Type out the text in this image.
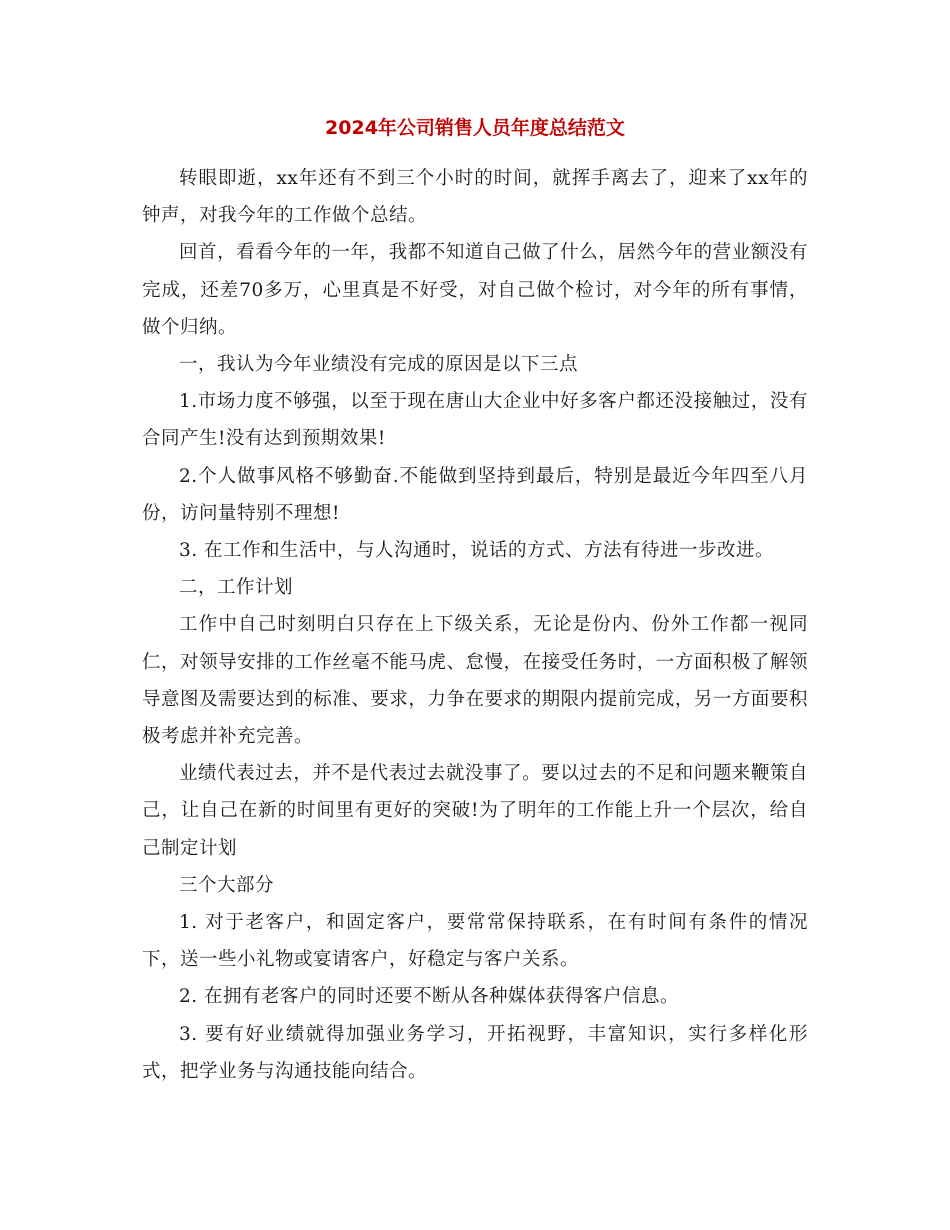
2024年公司销售人员年度总结范文

转眼即逝，xx年还有不到三个小时的时间，就挥手离去了，迎来了xx年的钟声，对我今年的工作做个总结。

回首，看看今年的一年，我都不知道自己做了什么，居然今年的营业额没有完成，还差70多万，心里真是不好受，对自己做个检讨，对今年的所有事情，做个归纳。

一，我认为今年业绩没有完成的原因是以下三点

1.市场力度不够强，以至于现在唐山大企业中好多客户都还没接触过，没有合同产生!没有达到预期效果!

2.个人做事风格不够勤奋.不能做到坚持到最后，特别是最近今年四至八月份，访问量特别不理想!

3. 在工作和生活中，与人沟通时，说话的方式、方法有待进一步改进。

二，工作计划

工作中自己时刻明白只存在上下级关系，无论是份内、份外工作都一视同仁，对领导安排的工作丝毫不能马虎、怠慢，在接受任务时，一方面积极了解领导意图及需要达到的标准、要求，力争在要求的期限内提前完成，另一方面要积极考虑并补充完善。

业绩代表过去，并不是代表过去就没事了。要以过去的不足和问题来鞭策自己，让自己在新的时间里有更好的突破!为了明年的工作能上升一个层次，给自己制定计划

三个大部分

1. 对于老客户，和固定客户，要常常保持联系，在有时间有条件的情况下，送一些小礼物或宴请客户，好稳定与客户关系。

2. 在拥有老客户的同时还要不断从各种媒体获得客户信息。

3. 要有好业绩就得加强业务学习，开拓视野，丰富知识，实行多样化形式，把学业务与沟通技能向结合。
